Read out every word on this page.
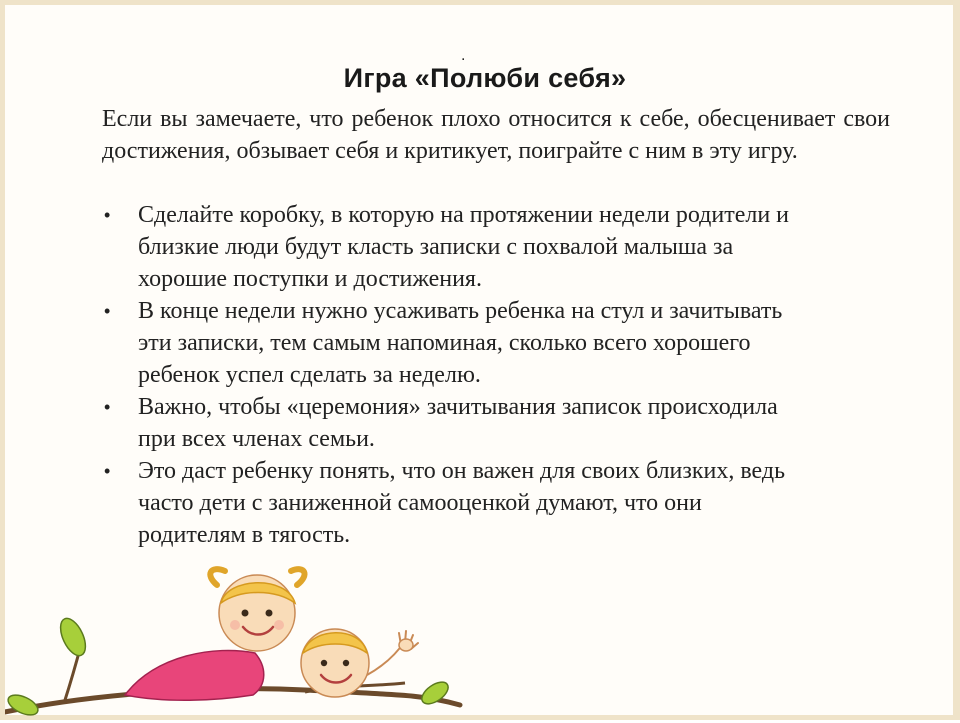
.
Игра «Полюби себя»
Если вы замечаете, что ребенок плохо относится к себе, обесценивает свои достижения, обзывает себя и критикует, поиграйте с ним в эту игру.
• Сделайте коробку, в которую на протяжении недели родители и
близкие люди будут класть записки с похвалой малыша за
хорошие поступки и достижения.
• В конце недели нужно усаживать ребенка на стул и зачитывать
эти записки, тем самым напоминая, сколько всего хорошего
ребенок успел сделать за неделю.
• Важно, чтобы «церемония» зачитывания записок происходила
при всех членах семьи.
• Это даст ребенку понять, что он важен для своих близких, ведь
часто дети с заниженной самооценкой думают, что они
родителям в тягость.
